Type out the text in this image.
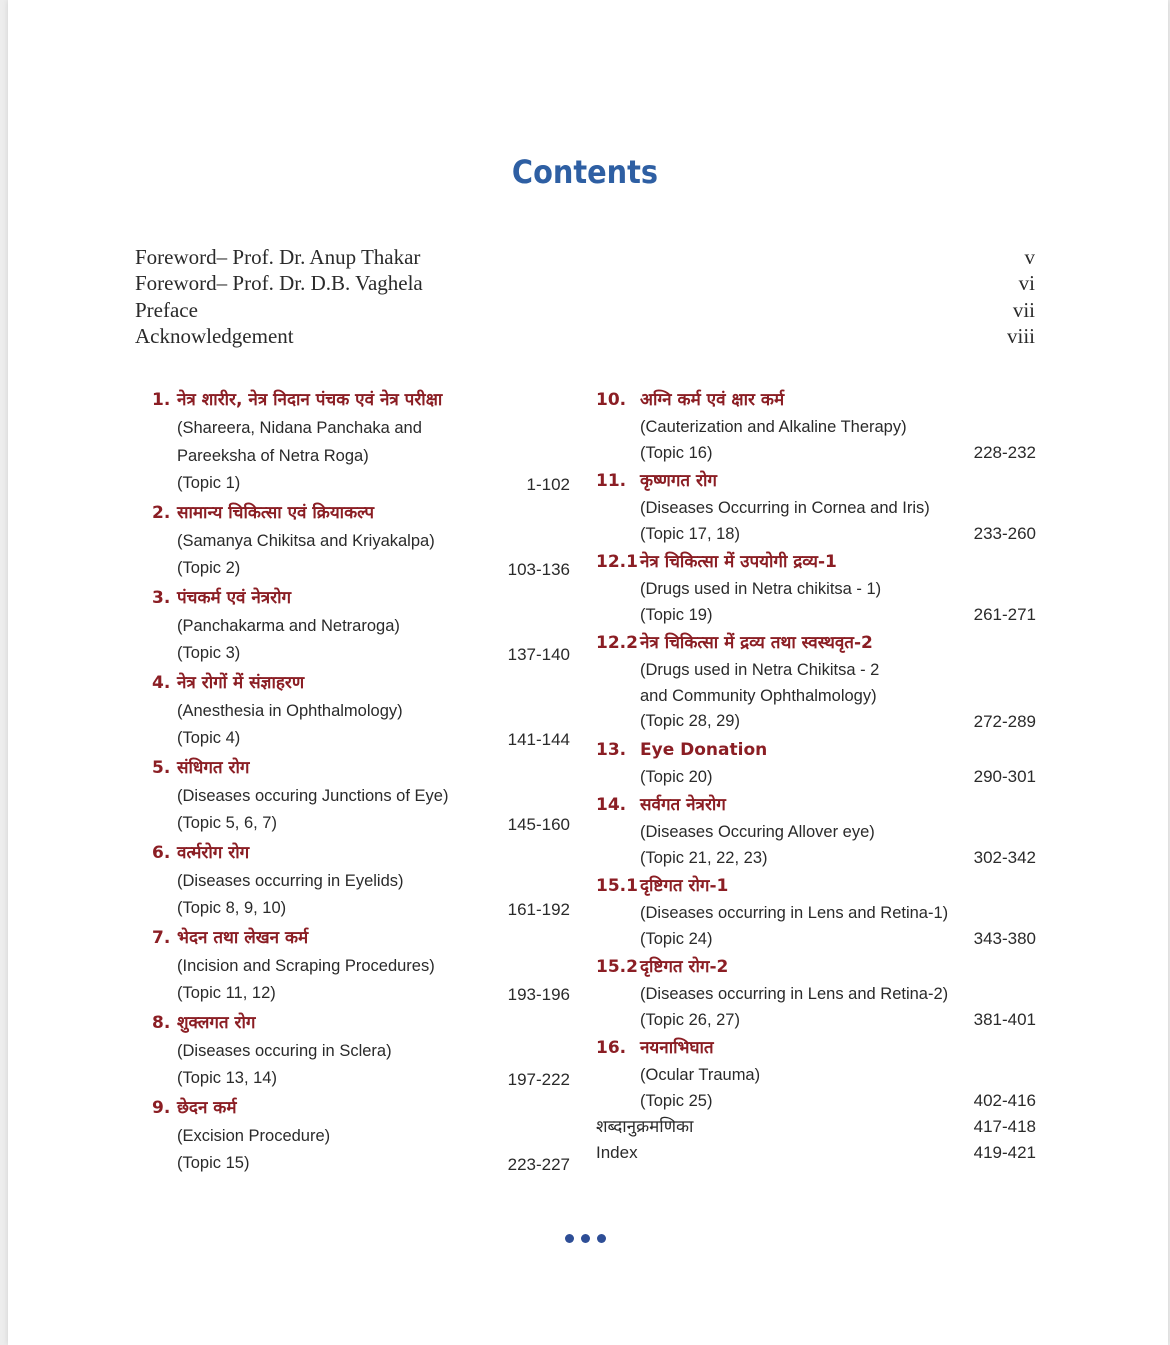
Contents
Foreword– Prof. Dr. Anup Thakar	v
Foreword– Prof. Dr. D.B. Vaghela	vi
Preface	vii
Acknowledgement	viii
1. नेत्र शारीर, नेत्र निदान पंचक एवं नेत्र परीक्षा
(Shareera, Nidana Panchaka and
Pareeksha of Netra Roga)
(Topic 1)	1-102
2. सामान्य चिकित्सा एवं क्रियाकल्प
(Samanya Chikitsa and Kriyakalpa)
(Topic 2)	103-136
3. पंचकर्म एवं नेत्ररोग
(Panchakarma and Netraroga)
(Topic 3)	137-140
4. नेत्र रोगों में संज्ञाहरण
(Anesthesia in Ophthalmology)
(Topic 4)	141-144
5. संधिगत रोग
(Diseases occuring Junctions of Eye)
(Topic 5, 6, 7)	145-160
6. वर्त्मरोग रोग
(Diseases occurring in Eyelids)
(Topic 8, 9, 10)	161-192
7. भेदन तथा लेखन कर्म
(Incision and Scraping Procedures)
(Topic 11, 12)	193-196
8. शुक्लगत रोग
(Diseases occuring in Sclera)
(Topic 13, 14)	197-222
9. छेदन कर्म
(Excision Procedure)
(Topic 15)	223-227
10. अग्नि कर्म एवं क्षार कर्म
(Cauterization and Alkaline Therapy)
(Topic 16)	228-232
11. कृष्णगत रोग
(Diseases Occurring in Cornea and Iris)
(Topic 17, 18)	233-260
12.1 नेत्र चिकित्सा में उपयोगी द्रव्य-1
(Drugs used in Netra chikitsa - 1)
(Topic 19)	261-271
12.2 नेत्र चिकित्सा में द्रव्य तथा स्वस्थवृत-2
(Drugs used in Netra Chikitsa - 2
and Community Ophthalmology)
(Topic 28, 29)	272-289
13. Eye Donation
(Topic 20)	290-301
14. सर्वगत नेत्ररोग
(Diseases Occuring Allover eye)
(Topic 21, 22, 23)	302-342
15.1 दृष्टिगत रोग-1
(Diseases occurring in Lens and Retina-1)
(Topic 24)	343-380
15.2 दृष्टिगत रोग-2
(Diseases occurring in Lens and Retina-2)
(Topic 26, 27)	381-401
16. नयनाभिघात
(Ocular Trauma)
(Topic 25)	402-416
शब्दानुक्रमणिका	417-418
Index	419-421
